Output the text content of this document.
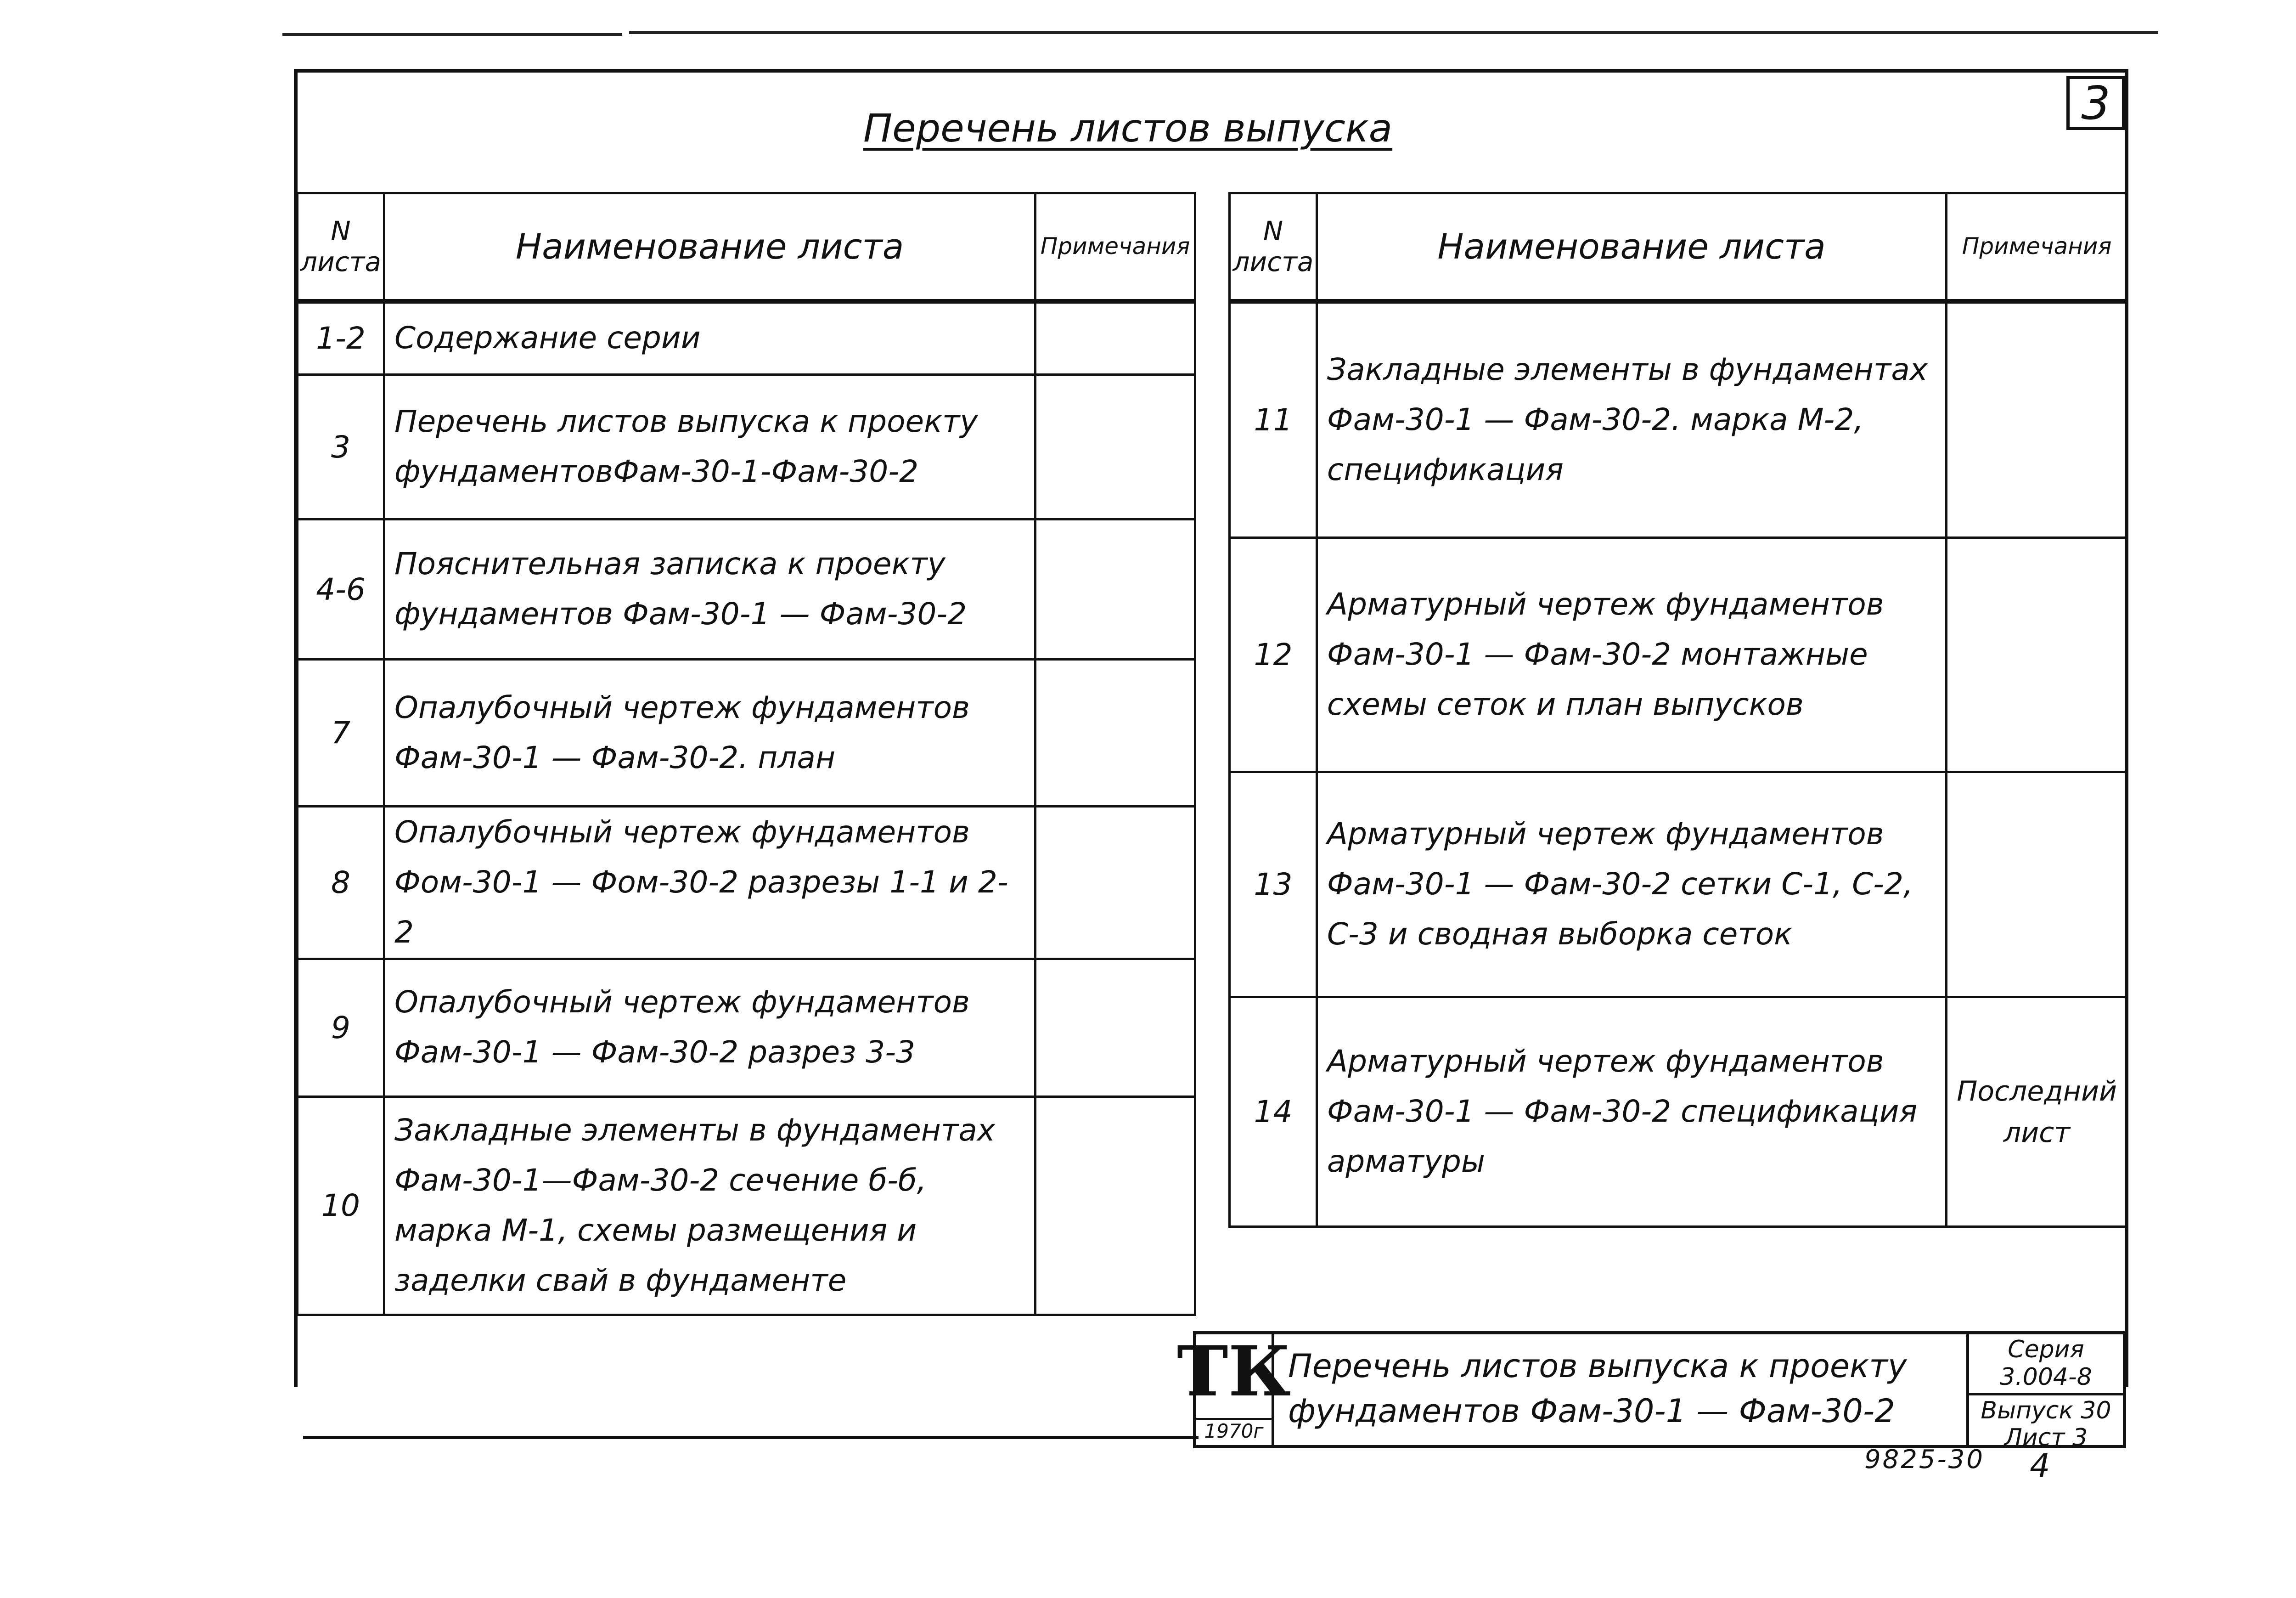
3
Перечень листов выпуска
N листа	Наименование листа	Примечания
1-2	Содержание серии	
3	Перечень листов выпуска к проекту фундаментовФам-30-1-Фам-30-2	
4-6	Пояснительная записка к проекту фундаментов Фам-30-1 — Фам-30-2	
7	Опалубочный чертеж фундаментов Фам-30-1 — Фам-30-2. план	
8	Опалубочный чертеж фундаментов Фом-30-1 — Фом-30-2 разрезы 1-1 и 2-2	
9	Опалубочный чертеж фундаментов Фам-30-1 — Фам-30-2 разрез 3-3	
10	Закладные элементы в фундаментах Фам-30-1—Фам-30-2 сечение б-б, марка М-1, схемы размещения и заделки свай в фундаменте	
N листа	Наименование листа	Примечания
11	Закладные элементы в фундаментах Фам-30-1 — Фам-30-2. марка М-2, спецификация	
12	Арматурный чертеж фундаментов Фам-30-1 — Фам-30-2 монтажные схемы сеток и план выпусков	
13	Арматурный чертеж фундаментов Фам-30-1 — Фам-30-2 сетки С-1, С-2, С-3 и сводная выборка сеток	
14	Арматурный чертеж фундаментов Фам-30-1 — Фам-30-2 спецификация арматуры	Последний лист
ТК
1970г
Перечень листов выпуска к проекту фундаментов Фам-30-1 — Фам-30-2
Серия 3.004-8
Выпуск 30 Лист 3
9825-30 4
